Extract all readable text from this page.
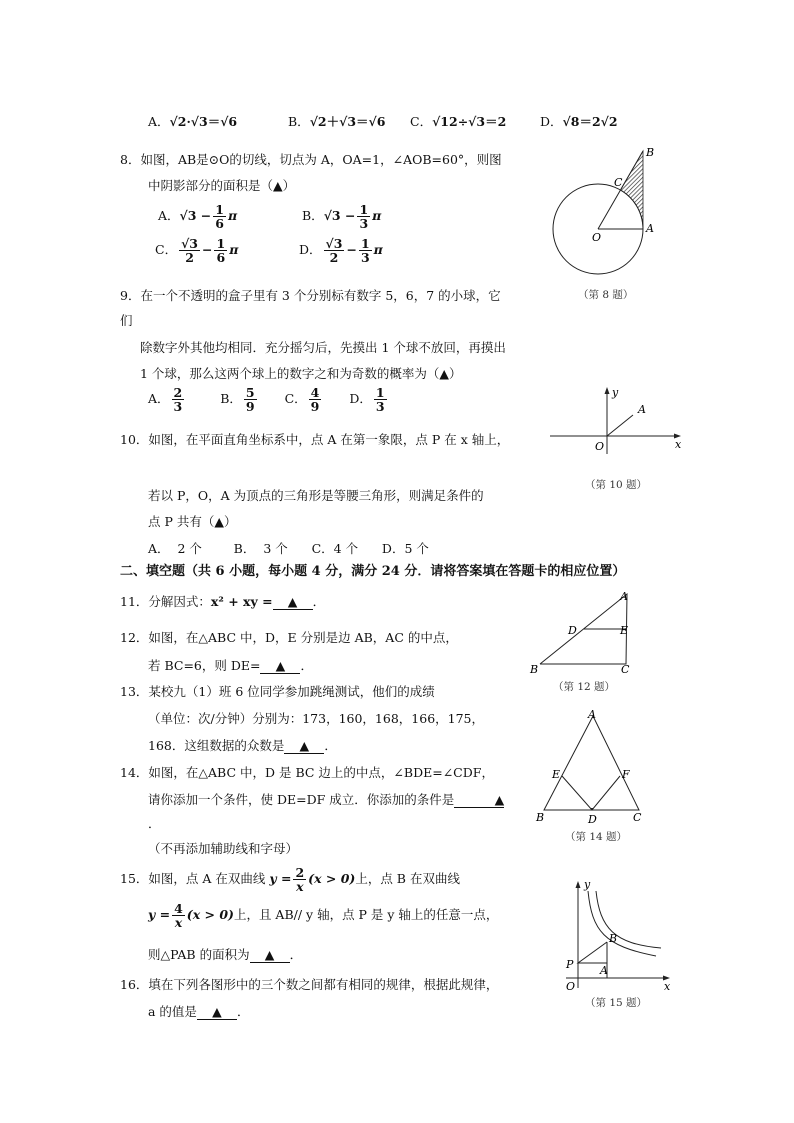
A．√2·√3＝√6	B．√2＋√3＝√6 C．√12÷√3＝2	D．√8＝2√2
8．如图，AB是⊙O的切线，切点为 A，OA=1，∠AOB=60°，则图
中阴影部分的面积是（▲）
A．$√3 - \frac{1}{6}$ π	B．$√3 - \frac{1}{3}$ π
C． $\frac{√3}{2} - \frac{1}{6}$ π	D． $\frac{√3}{2} - \frac{1}{3}$ π
B
C
O
A
（第 8 题）
9．在一个不透明的盒子里有 3 个分别标有数字 5，6，7 的小球，它
们
除数字外其他均相同．充分摇匀后，先摸出 1 个球不放回，再摸出
1 个球，那么这两个球上的数字之和为奇数的概率为（▲）
A． $\frac{2}{3}$	B． $\frac{5}{9}$ C． $\frac{4}{9}$ D． $\frac{1}{3}$
10．如图，在平面直角坐标系中，点 A 在第一象限，点 P 在 x 轴上，
若以 P，O，A 为顶点的三角形是等腰三角形，则满足条件的
点 P 共有（▲）
A．  2 个        B．  3 个      C．4 个      D．5 个
y
x
O
A
（第 10 题）
二、填空题（共 6 小题，每小题 4 分，满分 24 分．请将答案填在答题卡的相应位置）
11．分解因式：x² + xy = ▲ ．
12．如图，在△ABC 中，D，E 分别是边 AB，AC 的中点，
若 BC=6，则 DE= ▲ ．
A
B	C
D	E
（第 12 题）
13．某校九（1）班 6 位同学参加跳绳测试，他们的成绩
（单位：次/分钟）分别为：173，160，168，166，175，
168．这组数据的众数是 ▲ ．
14．如图，在△ABC 中，D 是 BC 边上的中点，∠BDE=∠CDF，
请你添加一个条件，使 DE=DF 成立．你添加的条件是	▲
．
（不再添加辅助线和字母）
A
B	C
D
E	F
（第 14 题）
15．如图，点 A 在双曲线 $y = \frac{2}{x} (x > 0)$上，点 B 在双曲线
$y = \frac{4}{x} (x > 0)$上，且 AB// y 轴，点 P 是 y 轴上的任意一点，
则△PAB 的面积为 ▲ ．
y
x
O
P A
B
（第 15 题）
16．填在下列各图形中的三个数之间都有相同的规律，根据此规律，
a 的值是 ▲ ．
